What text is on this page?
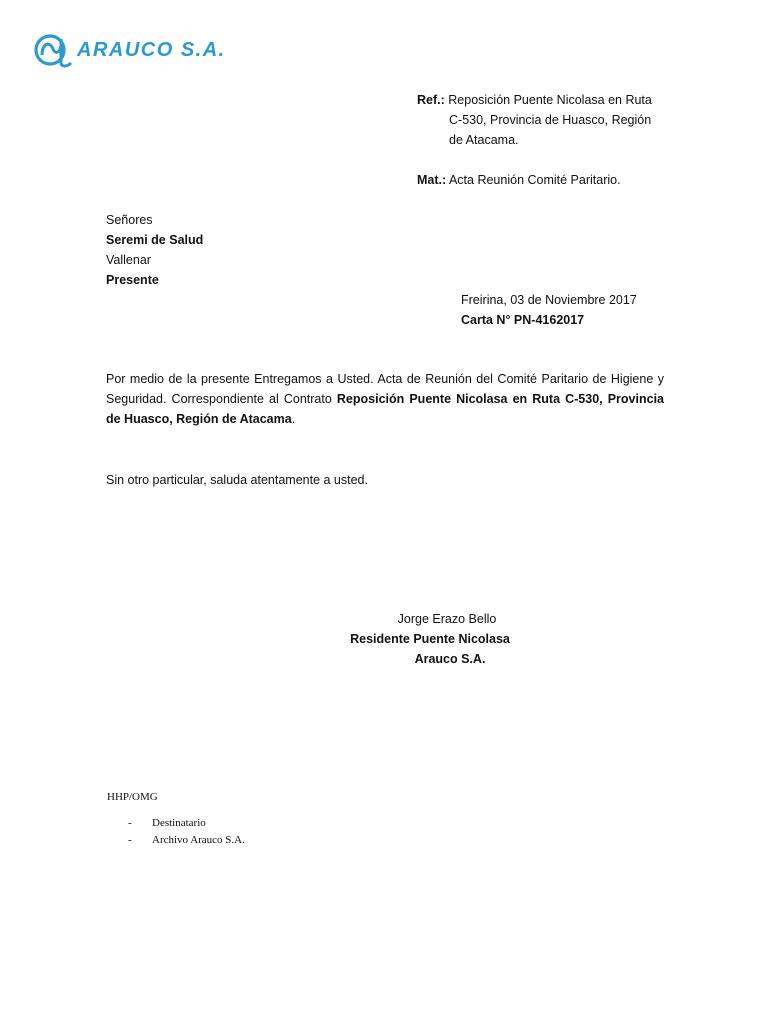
ARAUCO S.A.
Ref.: Reposición Puente Nicolasa en Ruta
C-530, Provincia de Huasco, Región
de Atacama.
Mat.: Acta Reunión Comité Paritario.
Señores
Seremi de Salud
Vallenar
Presente
Freirina, 03 de Noviembre 2017
Carta N° PN-4162017
Por medio de la presente Entregamos a Usted. Acta de Reunión del Comité Paritario de Higiene y Seguridad. Correspondiente al Contrato Reposición Puente Nicolasa en Ruta C-530, Provincia de Huasco, Región de Atacama.
Sin otro particular, saluda atentamente a usted.
Jorge Erazo Bello
Residente Puente Nicolasa
Arauco S.A.
HHP/OMG
- Destinatario
- Archivo Arauco S.A.
